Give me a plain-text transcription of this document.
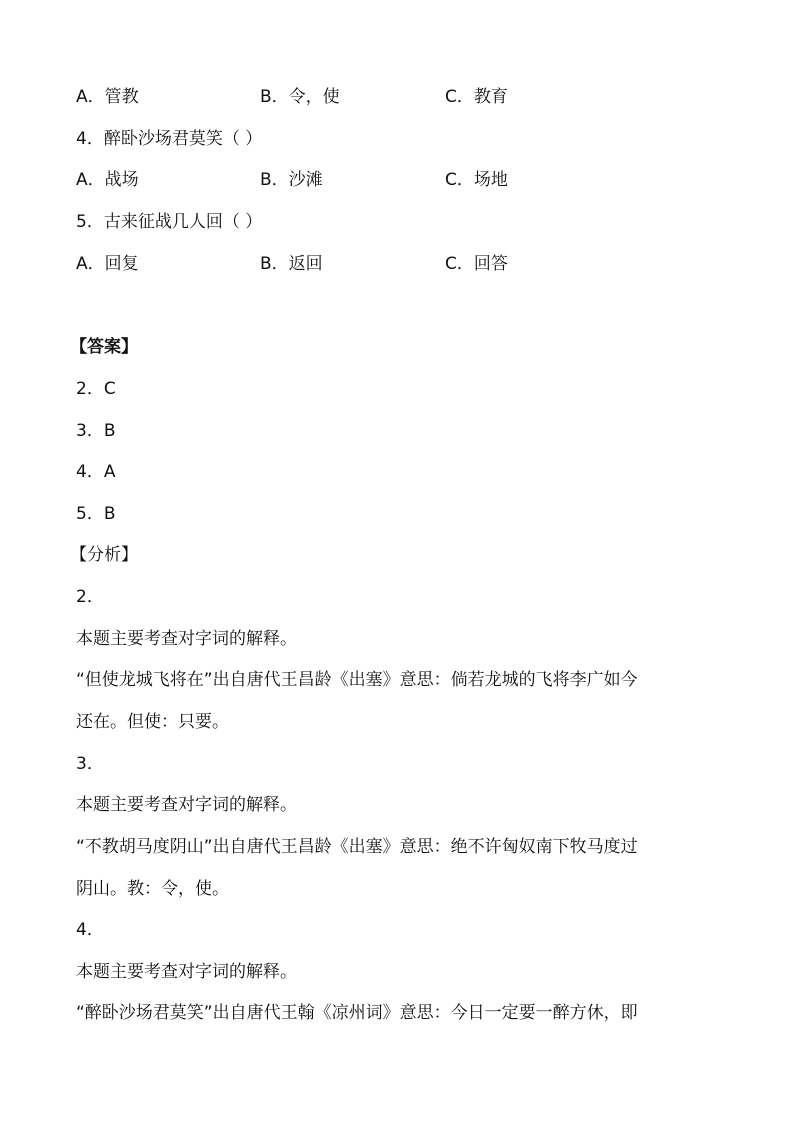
A．管教	B．令，使	C．教育
4．醉卧沙场君莫笑（ ）
A．战场	B．沙滩	C．场地
5．古来征战几人回（ ）
A．回复	B．返回	C．回答
【答案】
2．C
3．B
4．A
5．B
【分析】
2．
本题主要考查对字词的解释。
“但使龙城飞将在”出自唐代王昌龄《出塞》意思：倘若龙城的飞将李广如今
还在。但使：只要。
3．
本题主要考查对字词的解释。
“不教胡马度阴山”出自唐代王昌龄《出塞》意思：绝不许匈奴南下牧马度过
阴山。教：令，使。
4．
本题主要考查对字词的解释。
“醉卧沙场君莫笑”出自唐代王翰《凉州词》意思：今日一定要一醉方休，即
